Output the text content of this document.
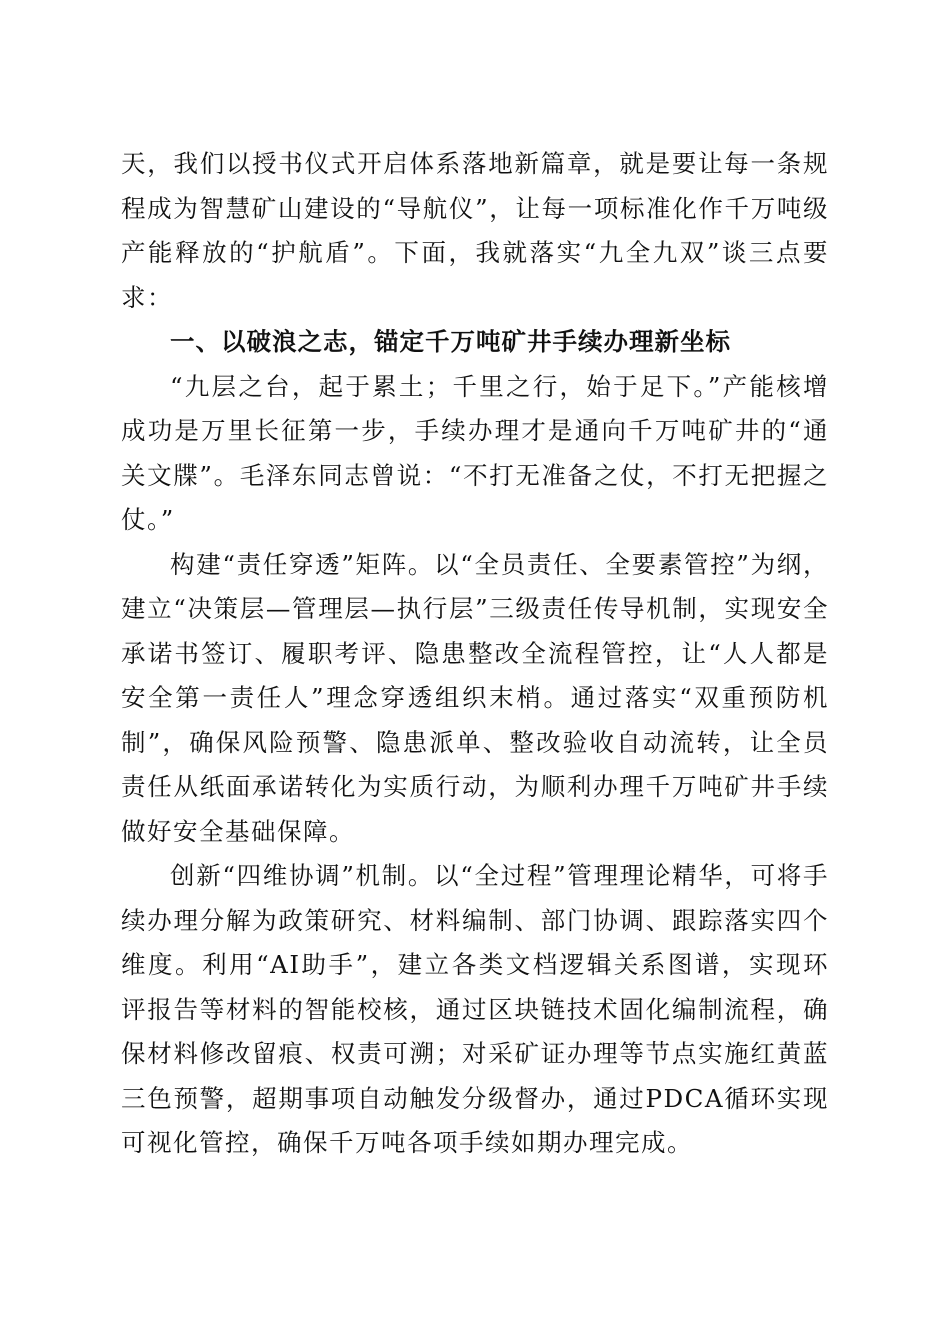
天，我们以授书仪式开启体系落地新篇章，就是要让每一条规程成为智慧矿山建设的“导航仪”，让每一项标准化作千万吨级产能释放的“护航盾”。下面，我就落实“九全九双”谈三点要求：

一、以破浪之志，锚定千万吨矿井手续办理新坐标

“九层之台，起于累土；千里之行，始于足下。”产能核增成功是万里长征第一步，手续办理才是通向千万吨矿井的“通关文牒”。毛泽东同志曾说：“不打无准备之仗，不打无把握之仗。”

构建“责任穿透”矩阵。以“全员责任、全要素管控”为纲，建立“决策层—管理层—执行层”三级责任传导机制，实现安全承诺书签订、履职考评、隐患整改全流程管控，让“人人都是安全第一责任人”理念穿透组织末梢。通过落实“双重预防机制”，确保风险预警、隐患派单、整改验收自动流转，让全员责任从纸面承诺转化为实质行动，为顺利办理千万吨矿井手续做好安全基础保障。

创新“四维协调”机制。以“全过程”管理理论精华，可将手续办理分解为政策研究、材料编制、部门协调、跟踪落实四个维度。利用“AI助手”，建立各类文档逻辑关系图谱，实现环评报告等材料的智能校核，通过区块链技术固化编制流程，确保材料修改留痕、权责可溯；对采矿证办理等节点实施红黄蓝三色预警，超期事项自动触发分级督办，通过PDCA循环实现可视化管控，确保千万吨各项手续如期办理完成。
